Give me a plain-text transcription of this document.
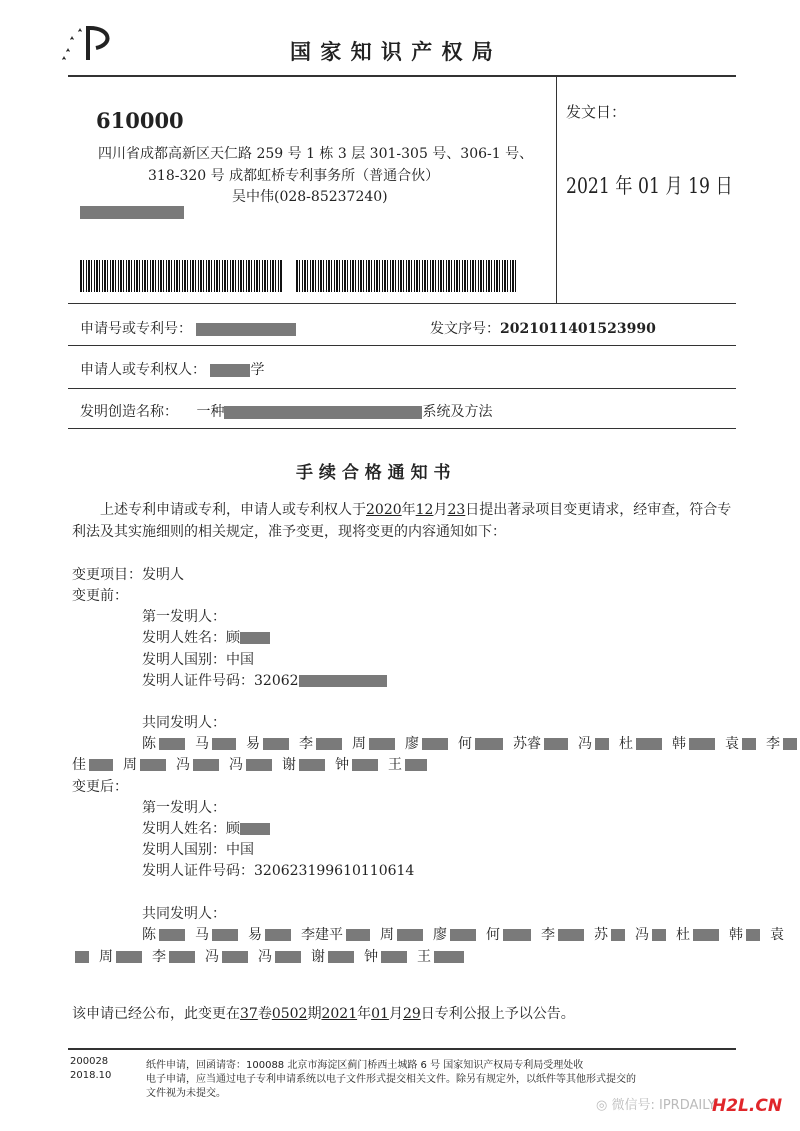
国 家 知 识 产 权 局
610000
四川省成都高新区天仁路 259 号 1 栋 3 层 301-305 号、306-1 号、
318-320 号 成都虹桥专利事务所（普通合伙）
吴中伟(028-85237240)
发文日：
2021 年 01 月 19 日
申请号或专利号：	发文序号：2021011401523990
申请人或专利权人：	学
发明创造名称： 一种	系统及方法
手 续 合 格 通 知 书
上述专利申请或专利，申请人或专利权人于2020年12月23日提出著录项目变更请求，经审查，符合专
利法及其实施细则的相关规定，准予变更，现将变更的内容通知如下：
变更项目：发明人
变更前：
第一发明人：
发明人姓名：顾
发明人国别：中国
发明人证件号码：32062
共同发明人：
陈	马	易	李	周	廖	何	苏睿	冯 杜	韩	袁 李
佳	周	冯	冯	谢	钟	王
变更后：
第一发明人：
发明人姓名：顾
发明人国别：中国
发明人证件号码：320623199610110614
共同发明人：
陈	马	易	李建平	周	廖	何	李	苏 冯 杜	韩 袁
周	李	冯	冯	谢	钟	王
该申请已经公布，此变更在37卷0502期2021年01月29日专利公报上予以公告。
200028
2018.10
纸件申请，回函请寄：100088 北京市海淀区蓟门桥西土城路 6 号 国家知识产权局专利局受理处收
电子申请，应当通过电子专利申请系统以电子文件形式提交相关文件。除另有规定外，以纸件等其他形式提交的
文件视为未提交。
◎ 微信号: IPRDAILY
H2L.CN
